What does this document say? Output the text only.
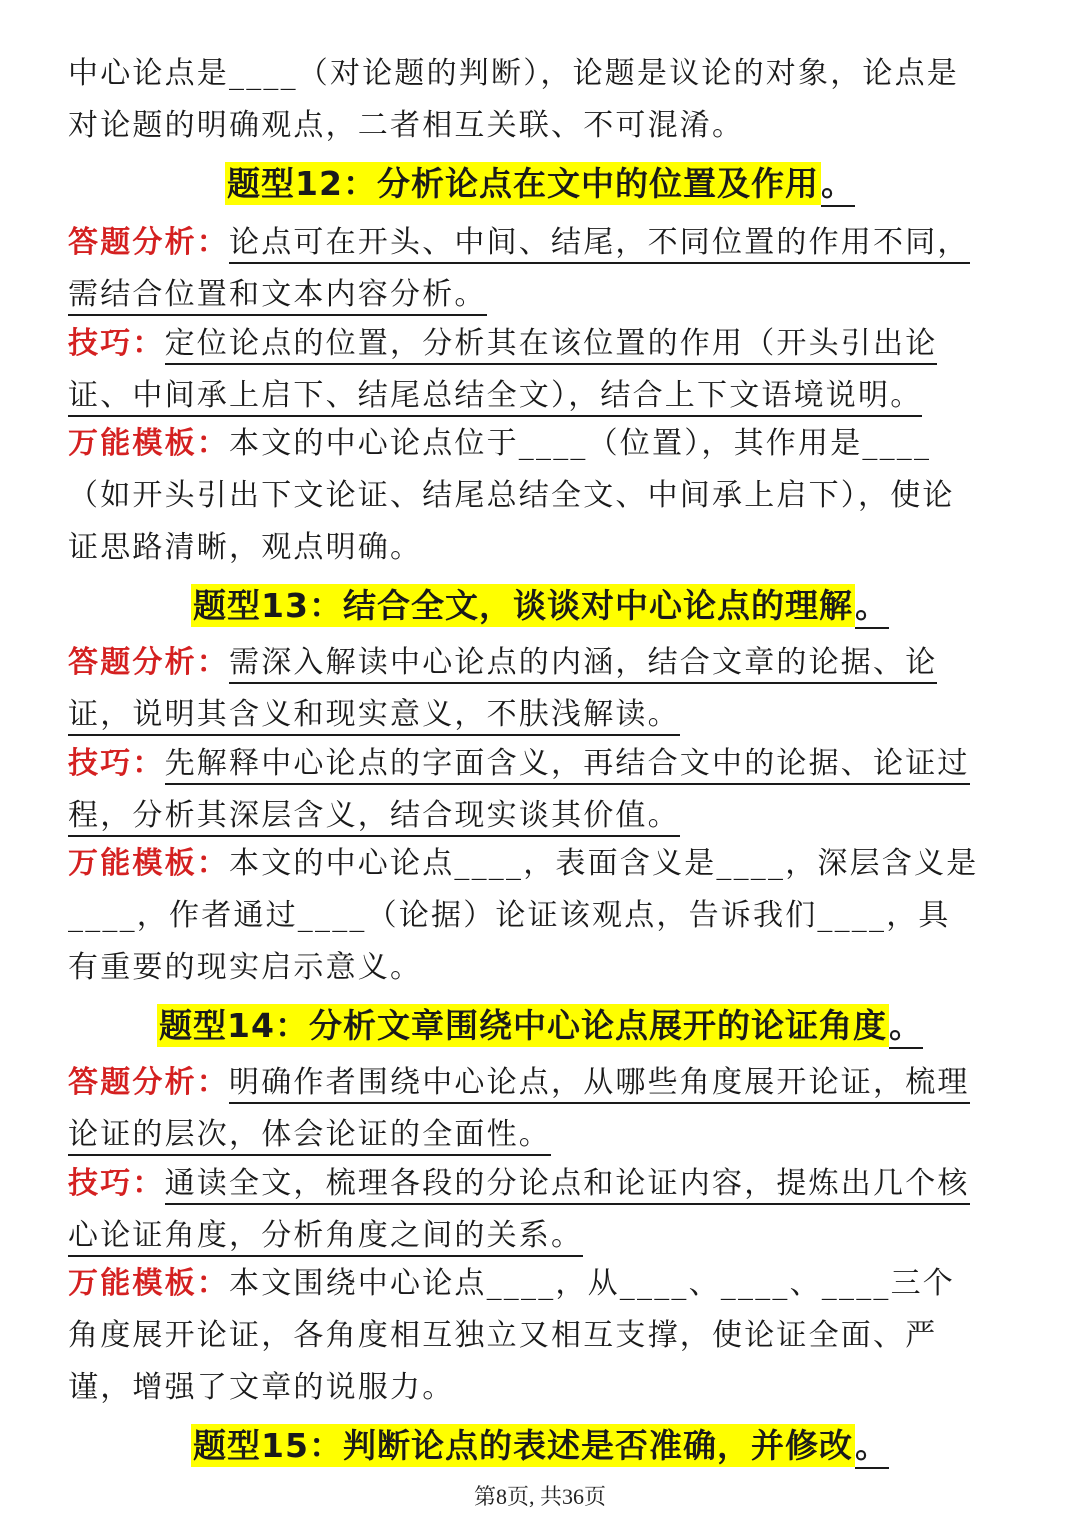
中心论点是____（对论题的判断），论题是议论的对象，论点是对论题的明确观点，二者相互关联、不可混淆。

题型12：分析论点在文中的位置及作用。

答题分析：论点可在开头、中间、结尾，不同位置的作用不同，需结合位置和文本内容分析。

技巧：定位论点的位置，分析其在该位置的作用（开头引出论证、中间承上启下、结尾总结全文），结合上下文语境说明。

万能模板：本文的中心论点位于____（位置），其作用是____（如开头引出下文论证、结尾总结全文、中间承上启下），使论证思路清晰，观点明确。

题型13：结合全文，谈谈对中心论点的理解。

答题分析：需深入解读中心论点的内涵，结合文章的论据、论证，说明其含义和现实意义，不肤浅解读。

技巧：先解释中心论点的字面含义，再结合文中的论据、论证过程，分析其深层含义，结合现实谈其价值。

万能模板：本文的中心论点____，表面含义是____，深层含义是____，作者通过____（论据）论证该观点，告诉我们____，具有重要的现实启示意义。

题型14：分析文章围绕中心论点展开的论证角度。

答题分析：明确作者围绕中心论点，从哪些角度展开论证，梳理论证的层次，体会论证的全面性。

技巧：通读全文，梳理各段的分论点和论证内容，提炼出几个核心论证角度，分析角度之间的关系。

万能模板：本文围绕中心论点____，从____、____、____三个角度展开论证，各角度相互独立又相互支撑，使论证全面、严谨，增强了文章的说服力。

题型15：判断论点的表述是否准确，并修改。
第8页, 共36页
